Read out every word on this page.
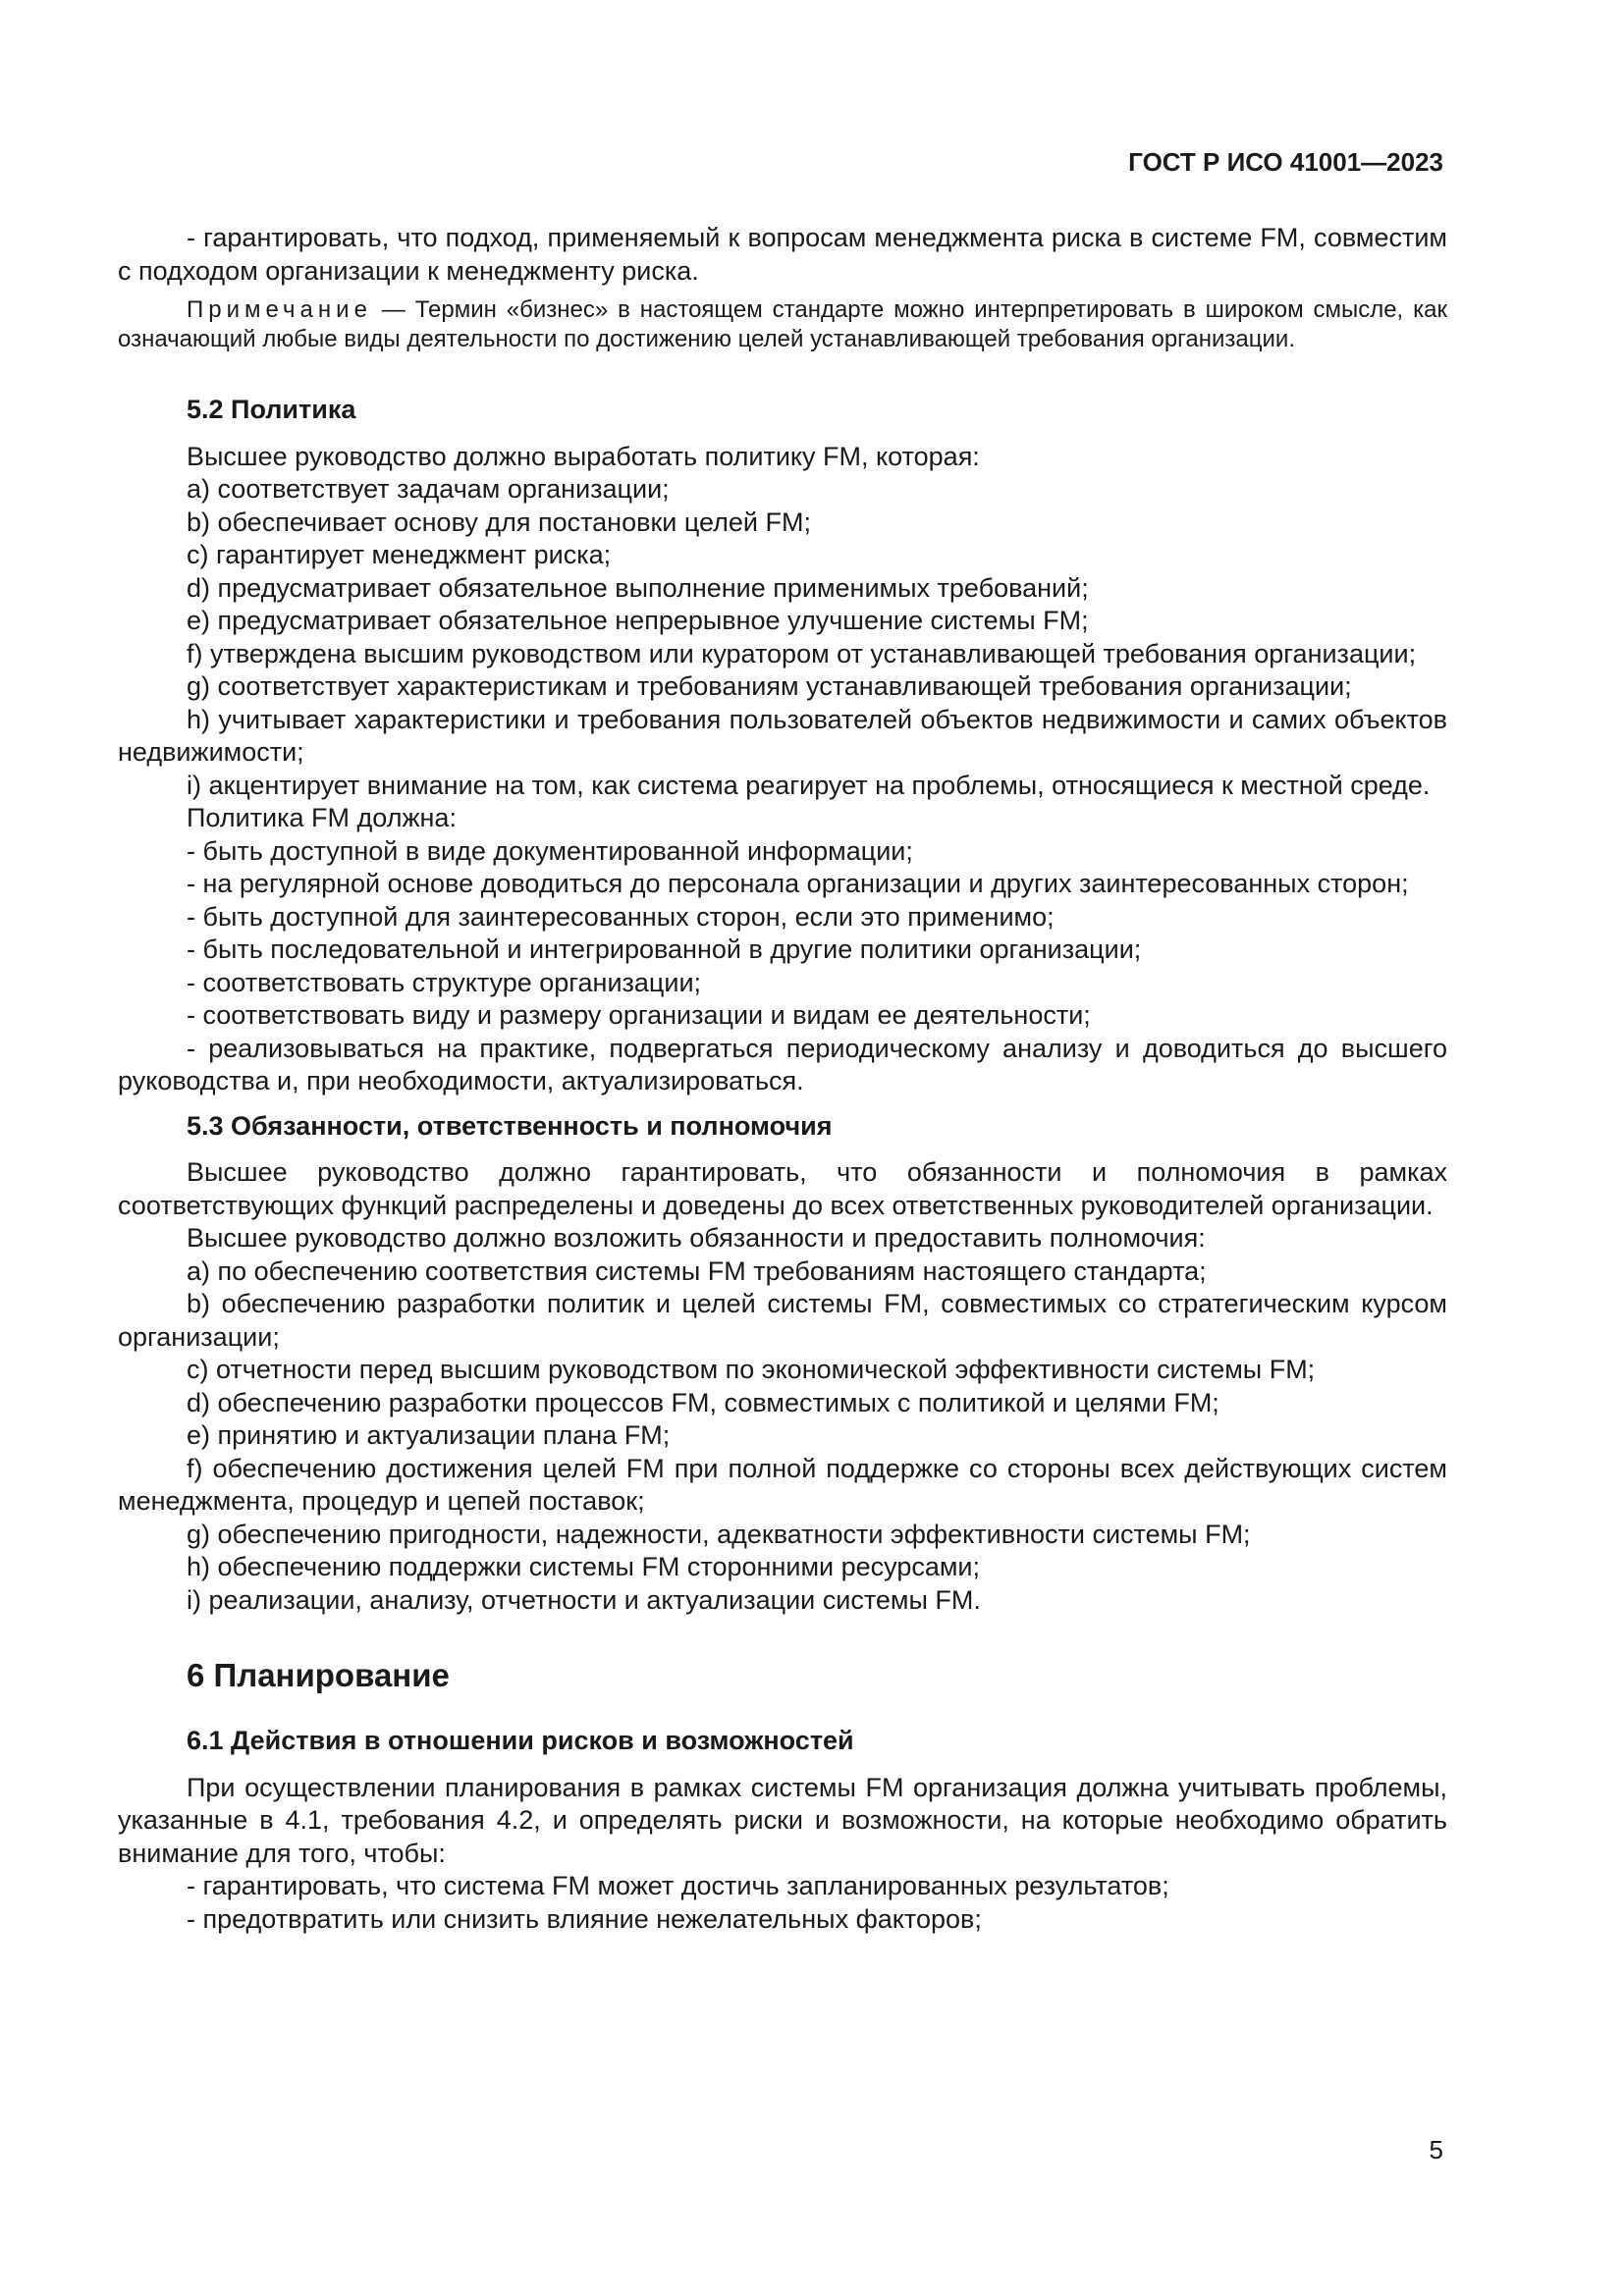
ГОСТ Р ИСО 41001—2023

- гарантировать, что подход, применяемый к вопросам менеджмента риска в системе FM, совместим с подходом организации к менеджменту риска.

Примечание — Термин «бизнес» в настоящем стандарте можно интерпретировать в широком смысле, как означающий любые виды деятельности по достижению целей устанавливающей требования организации.

5.2 Политика

Высшее руководство должно выработать политику FM, которая:

a) соответствует задачам организации;

b) обеспечивает основу для постановки целей FM;

c) гарантирует менеджмент риска;

d) предусматривает обязательное выполнение применимых требований;

e) предусматривает обязательное непрерывное улучшение системы FM;

f) утверждена высшим руководством или куратором от устанавливающей требования организации;

g) соответствует характеристикам и требованиям устанавливающей требования организации;

h) учитывает характеристики и требования пользователей объектов недвижимости и самих объектов недвижимости;

i) акцентирует внимание на том, как система реагирует на проблемы, относящиеся к местной среде.

Политика FM должна:

- быть доступной в виде документированной информации;

- на регулярной основе доводиться до персонала организации и других заинтересованных сторон;

- быть доступной для заинтересованных сторон, если это применимо;

- быть последовательной и интегрированной в другие политики организации;

- соответствовать структуре организации;

- соответствовать виду и размеру организации и видам ее деятельности;

- реализовываться на практике, подвергаться периодическому анализу и доводиться до высшего руководства и, при необходимости, актуализироваться.

5.3 Обязанности, ответственность и полномочия

Высшее руководство должно гарантировать, что обязанности и полномочия в рамках соответствующих функций распределены и доведены до всех ответственных руководителей организации.

Высшее руководство должно возложить обязанности и предоставить полномочия:

a) по обеспечению соответствия системы FM требованиям настоящего стандарта;

b) обеспечению разработки политик и целей системы FM, совместимых со стратегическим курсом организации;

c) отчетности перед высшим руководством по экономической эффективности системы FM;

d) обеспечению разработки процессов FM, совместимых с политикой и целями FM;

e) принятию и актуализации плана FM;

f) обеспечению достижения целей FM при полной поддержке со стороны всех действующих систем менеджмента, процедур и цепей поставок;

g) обеспечению пригодности, надежности, адекватности эффективности системы FM;

h) обеспечению поддержки системы FM сторонними ресурсами;

i) реализации, анализу, отчетности и актуализации системы FM.

6 Планирование
6.1 Действия в отношении рисков и возможностей

При осуществлении планирования в рамках системы FM организация должна учитывать проблемы, указанные в 4.1, требования 4.2, и определять риски и возможности, на которые необходимо обратить внимание для того, чтобы:

- гарантировать, что система FM может достичь запланированных результатов;

- предотвратить или снизить влияние нежелательных факторов;

5
